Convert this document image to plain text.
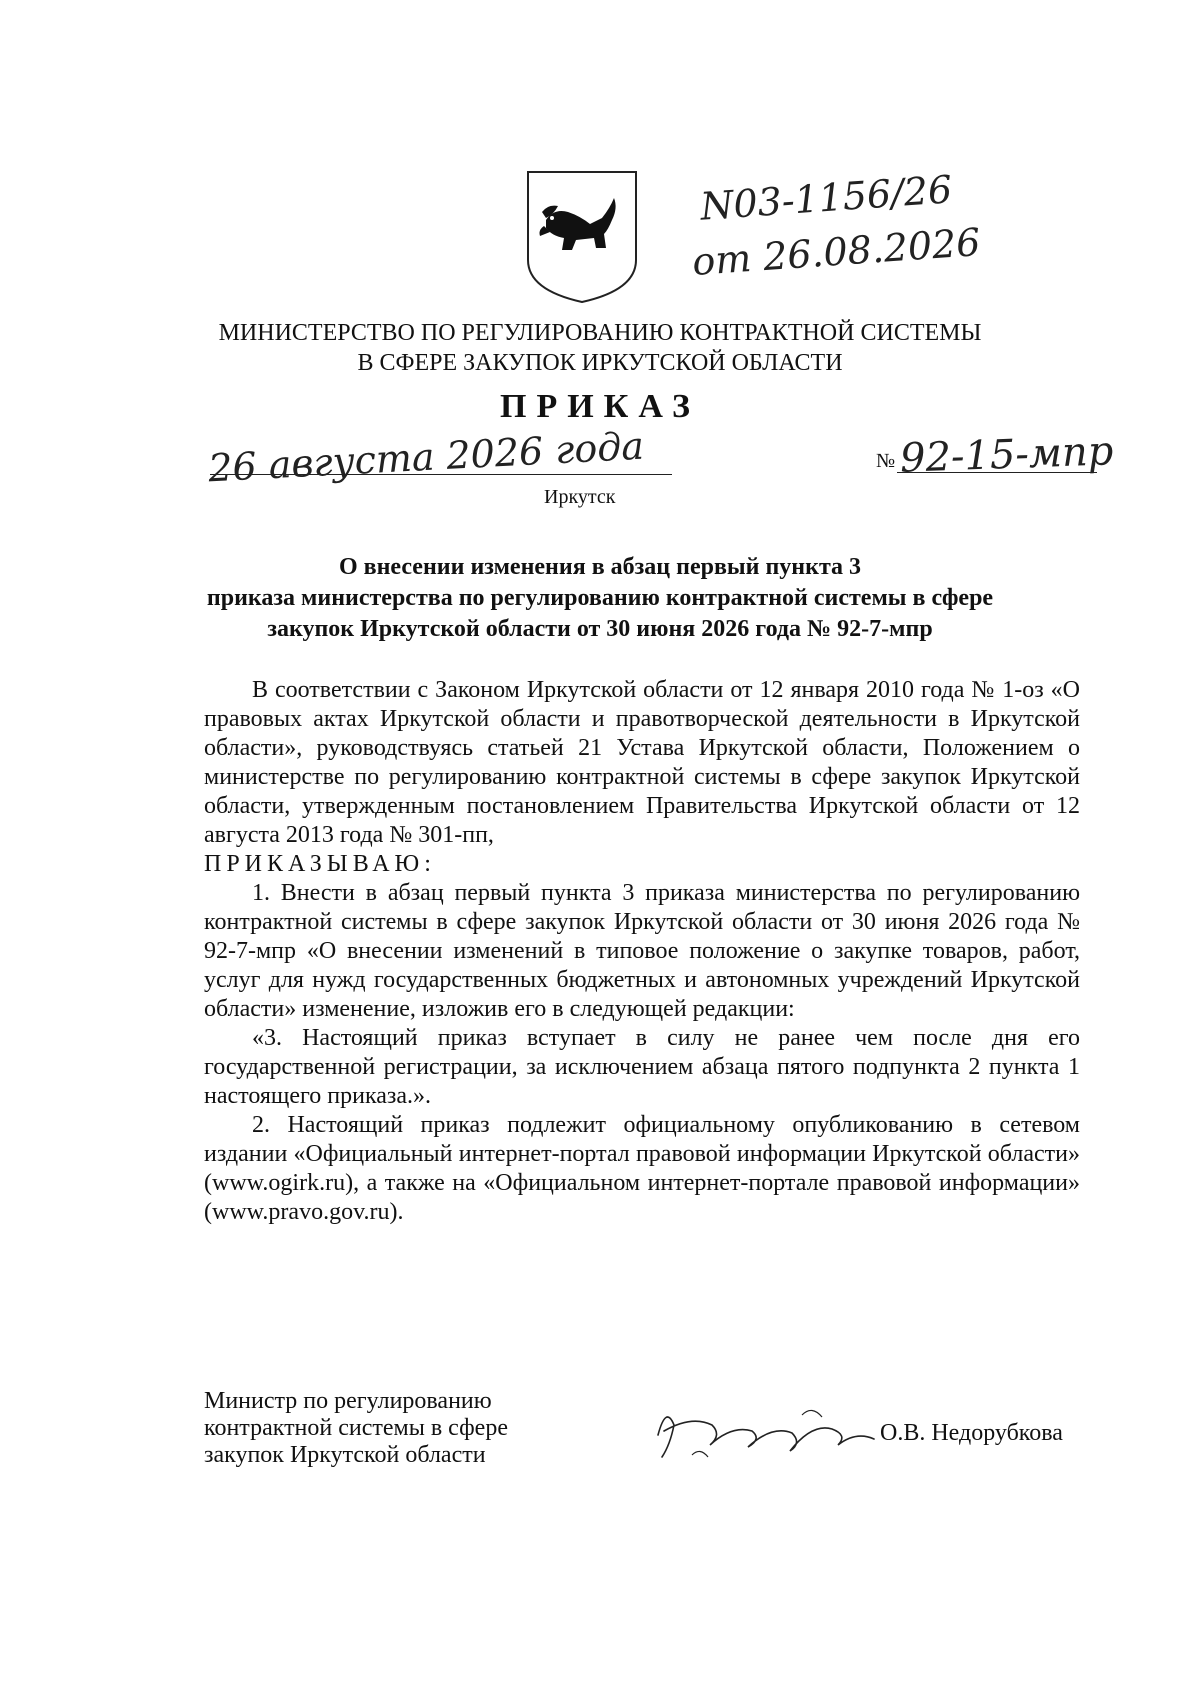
N03-1156/26
от 26.08.2026
МИНИСТЕРСТВО ПО РЕГУЛИРОВАНИЮ КОНТРАКТНОЙ СИСТЕМЫ
В СФЕРЕ ЗАКУПОК ИРКУТСКОЙ ОБЛАСТИ
ПРИКАЗ
26 августа 2026 года
Иркутск
№ 92-15-мпр
О внесении изменения в абзац первый пункта 3
приказа министерства по регулированию контрактной системы в сфере
закупок Иркутской области от 30 июня 2026 года № 92-7-мпр

В соответствии с Законом Иркутской области от 12 января 2010 года № 1-оз «О правовых актах Иркутской области и правотворческой деятельности в Иркутской области», руководствуясь статьей 21 Устава Иркутской области, Положением о министерстве по регулированию контрактной системы в сфере закупок Иркутской области, утвержденным постановлением Правительства Иркутской области от 12 августа 2013 года № 301-пп,

ПРИКАЗЫВАЮ:

1. Внести в абзац первый пункта 3 приказа министерства по регулированию контрактной системы в сфере закупок Иркутской области от 30 июня 2026 года № 92-7-мпр «О внесении изменений в типовое положение о закупке товаров, работ, услуг для нужд государственных бюджетных и автономных учреждений Иркутской области» изменение, изложив его в следующей редакции:

«3. Настоящий приказ вступает в силу не ранее чем после дня его государственной регистрации, за исключением абзаца пятого подпункта 2 пункта 1 настоящего приказа.».

2. Настоящий приказ подлежит официальному опубликованию в сетевом издании «Официальный интернет-портал правовой информации Иркутской области» (www.ogirk.ru), а также на «Официальном интернет-портале правовой информации» (www.pravo.gov.ru).

Министр по регулированию
контрактной системы в сфере
закупок Иркутской области
О.В. Недорубкова
